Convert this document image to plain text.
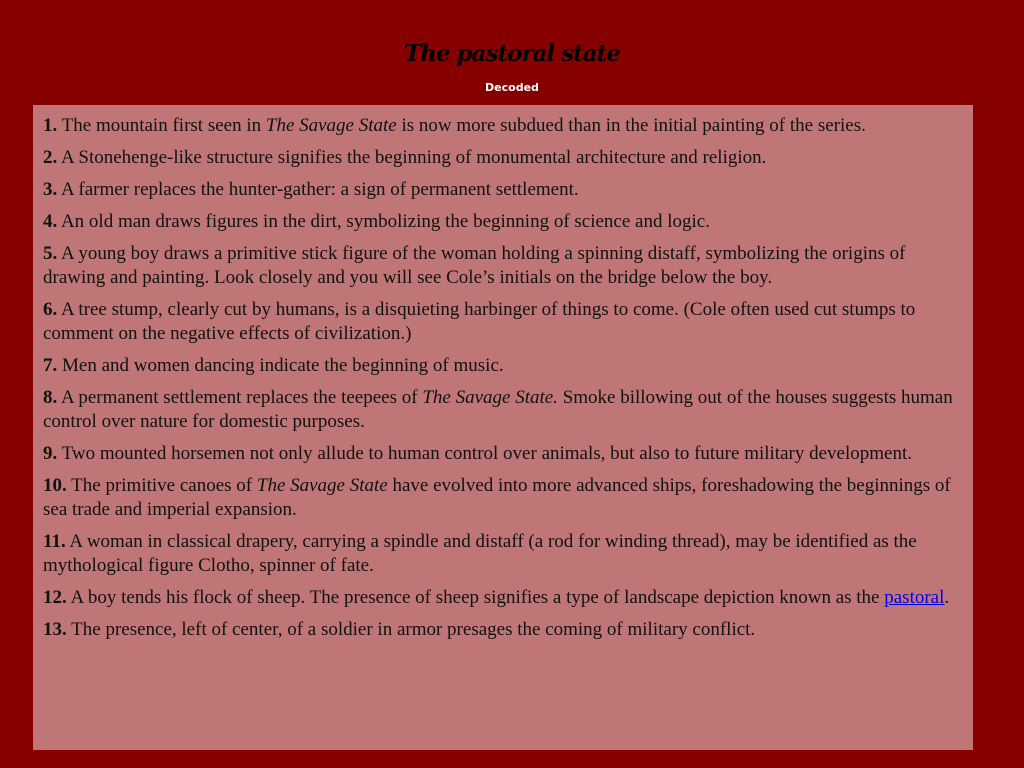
The pastoral state
Decoded

1. The mountain first seen in The Savage State is now more subdued than in the initial painting of the series.

2. A Stonehenge-like structure signifies the beginning of monumental architecture and religion.

3. A farmer replaces the hunter-gather: a sign of permanent settlement.

4. An old man draws figures in the dirt, symbolizing the beginning of science and logic.

5. A young boy draws a primitive stick figure of the woman holding a spinning distaff, symbolizing the origins of drawing and painting. Look closely and you will see Cole’s initials on the bridge below the boy.

6. A tree stump, clearly cut by humans, is a disquieting harbinger of things to come. (Cole often used cut stumps to comment on the negative effects of civilization.)

7. Men and women dancing indicate the beginning of music.

8. A permanent settlement replaces the teepees of The Savage State. Smoke billowing out of the houses suggests human control over nature for domestic purposes.

9. Two mounted horsemen not only allude to human control over animals, but also to future military development.

10. The primitive canoes of The Savage State have evolved into more advanced ships, foreshadowing the beginnings of sea trade and imperial expansion.

11. A woman in classical drapery, carrying a spindle and distaff (a rod for winding thread), may be identified as the mythological figure Clotho, spinner of fate.

12. A boy tends his flock of sheep. The presence of sheep signifies a type of landscape depiction known as the pastoral.

13. The presence, left of center, of a soldier in armor presages the coming of military conflict.
